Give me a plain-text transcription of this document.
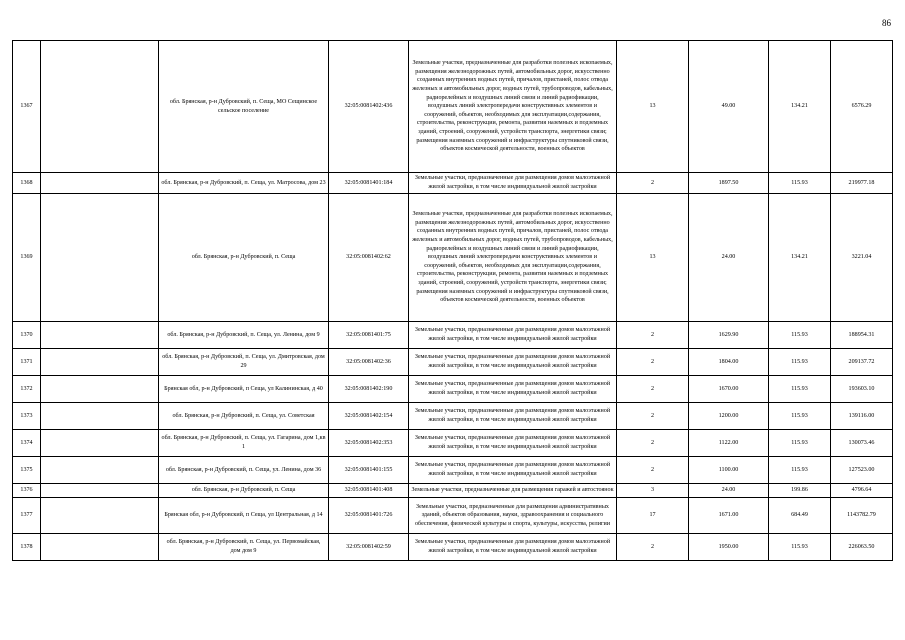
86
1367		обл. Брянская, р-н Дубровский, п. Сеща, МО Сещинское сельское поселение	32:05:0081402:436	Земельные участки, предназначенные для разработки полезных ископаемых, размещения железнодорожных путей, автомобильных дорог, искусственно созданных внутренних водных путей, причалов, пристаней, полос отвода железных и автомобильных дорог, водных путей, трубопроводов, кабельных, радиорелейных и воздушных линий связи и линий радиофикации, воздушных линий электропередачи конструктивных элементов и сооружений, объектов, необходимых для эксплуатации,содержания, строительства, реконструкции, ремонта, развития наземных и подземных зданий, строений, сооружений, устройств транспорта, энергетики связи; размещения наземных сооружений и инфраструктуры спутниковой связи, объектов космической деятельности, военных объектов	13	49.00	134.21	6576.29
1368		обл. Брянская, р-н Дубровский, п. Сеща, ул. Матросова, дом 23	32:05:0081401:184	Земельные участки, предназначенные для размещения домов малоэтажной жилой застройки, в том числе индивидуальной жилой застройки	2	1897.50	115.93	219977.18
1369		обл. Брянская, р-н Дубровский, п. Сеща	32:05:0081402:62	Земельные участки, предназначенные для разработки полезных ископаемых, размещения железнодорожных путей, автомобильных дорог, искусственно созданных внутренних водных путей, причалов, пристаней, полос отвода железных и автомобильных дорог, водных путей, трубопроводов, кабельных, радиорелейных и воздушных линий связи и линий радиофикации, воздушных линий электропередачи конструктивных элементов и сооружений, объектов, необходимых для эксплуатации,содержания, строительства, реконструкции, ремонта, развития наземных и подземных зданий, строений, сооружений, устройств транспорта, энергетики связи; размещения наземных сооружений и инфраструктуры спутниковой связи, объектов космической деятельности, военных объектов	13	24.00	134.21	3221.04
1370		обл. Брянская, р-н Дубровский, п. Сеща, ул. Ленина, дом 9	32:05:0081401:75	Земельные участки, предназначенные для размещения домов малоэтажной жилой застройки, в том числе индивидуальной жилой застройки	2	1629.90	115.93	188954.31
1371		обл. Брянская, р-н Дубровский, п. Сеща, ул. Дмитровская, дом 29	32:05:0081402:36	Земельные участки, предназначенные для размещения домов малоэтажной жилой застройки, в том числе индивидуальной жилой застройки	2	1804.00	115.93	209137.72
1372		Брянская обл, р-н Дубровский, п Сеща, ул Калининская, д 40	32:05:0081402:190	Земельные участки, предназначенные для размещения домов малоэтажной жилой застройки, в том числе индивидуальной жилой застройки	2	1670.00	115.93	193603.10
1373		обл. Брянская, р-н Дубровский, п. Сеща, ул. Советская	32:05:0081402:154	Земельные участки, предназначенные для размещения домов малоэтажной жилой застройки, в том числе индивидуальной жилой застройки	2	1200.00	115.93	139116.00
1374		обл. Брянская, р-н Дубровский, п. Сеща, ул. Гагарина, дом 1,кв 1	32:05:0081402:353	Земельные участки, предназначенные для размещения домов малоэтажной жилой застройки, в том числе индивидуальной жилой застройки	2	1122.00	115.93	130073.46
1375		обл. Брянская, р-н Дубровский, п. Сеща, ул. Ленина, дом 36	32:05:0081401:155	Земельные участки, предназначенные для размещения домов малоэтажной жилой застройки, в том числе индивидуальной жилой застройки	2	1100.00	115.93	127523.00
1376		обл. Брянская, р-н Дубровский, п. Сеща	32:05:0081401:408	Земельные участки, предназначенные для размещения гаражей и автостоянок	3	24.00	199.86	4796.64
1377		Брянская обл, р-н Дубровский, п Сеща, ул Центральная, д 14	32:05:0081401:726	Земельные участки, предназначенные для размещения административных зданий, объектов образования, науки, здравоохранения и социального обеспечения, физической культуры и спорта, культуры, искусства, религии	17	1671.00	684.49	1143782.79
1378		обл. Брянская, р-н Дубровский, п. Сеща, ул. Первомайская, дом дом 9	32:05:0081402:59	Земельные участки, предназначенные для размещения домов малоэтажной жилой застройки, в том числе индивидуальной жилой застройки	2	1950.00	115.93	226063.50
